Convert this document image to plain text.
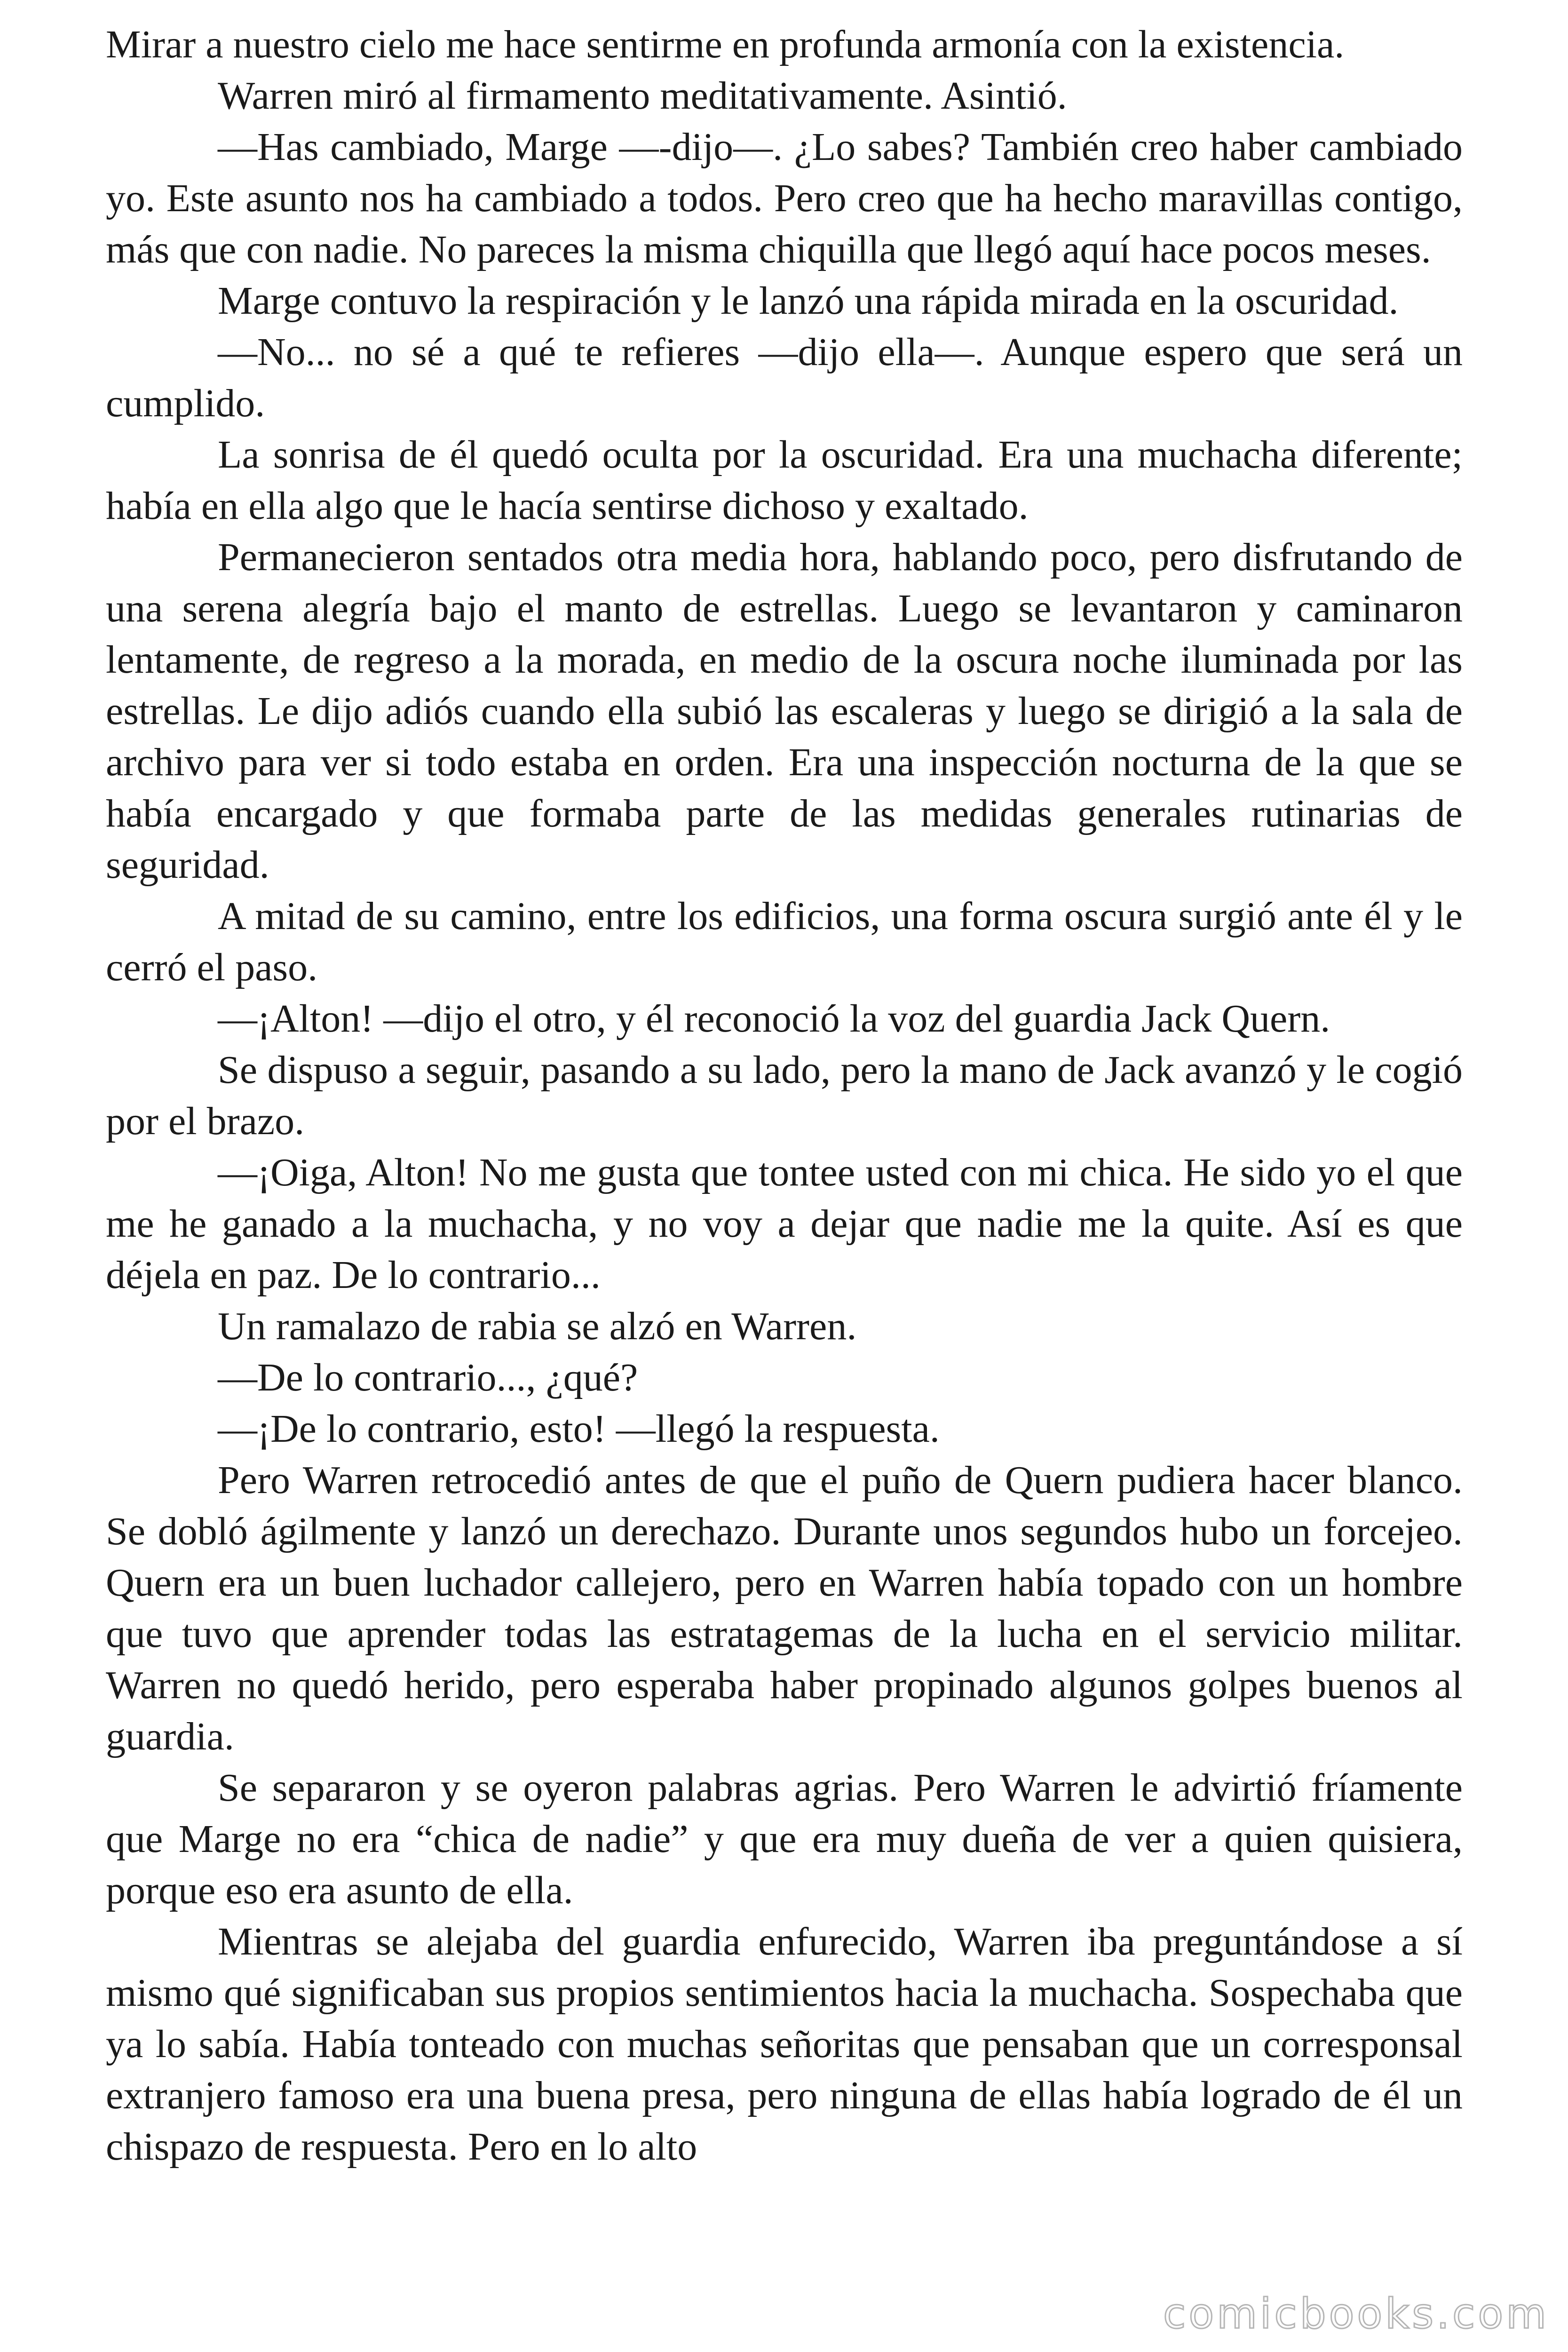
Mirar a nuestro cielo me hace sentirme en profunda armonía con la existencia.

Warren miró al firmamento meditativamente. Asintió.

—Has cambiado, Marge —-dijo—. ¿Lo sabes? También creo haber cambiado yo. Este asunto nos ha cambiado a todos. Pero creo que ha hecho maravillas contigo, más que con nadie. No pareces la misma chiquilla que llegó aquí hace pocos meses.

Marge contuvo la respiración y le lanzó una rápida mirada en la oscuridad.

—No... no sé a qué te refieres —dijo ella—. Aunque espero que será un cumplido.

La sonrisa de él quedó oculta por la oscuridad. Era una muchacha diferente; había en ella algo que le hacía sentirse dichoso y exaltado.

Permanecieron sentados otra media hora, hablando poco, pero disfrutando de una serena alegría bajo el manto de estrellas. Luego se levantaron y caminaron lentamente, de regreso a la morada, en medio de la oscura noche iluminada por las estrellas. Le dijo adiós cuando ella subió las escaleras y luego se dirigió a la sala de archivo para ver si todo estaba en orden. Era una inspección nocturna de la que se había encargado y que formaba parte de las medidas generales rutinarias de seguridad.

A mitad de su camino, entre los edificios, una forma oscura surgió ante él y le cerró el paso.

—¡Alton! —dijo el otro, y él reconoció la voz del guardia Jack Quern.

Se dispuso a seguir, pasando a su lado, pero la mano de Jack avanzó y le cogió por el brazo.

—¡Oiga, Alton! No me gusta que tontee usted con mi chica. He sido yo el que me he ganado a la muchacha, y no voy a dejar que nadie me la quite. Así es que déjela en paz. De lo contrario...

Un ramalazo de rabia se alzó en Warren.

—De lo contrario..., ¿qué?

—¡De lo contrario, esto! —llegó la respuesta.

Pero Warren retrocedió antes de que el puño de Quern pudiera hacer blanco. Se dobló ágilmente y lanzó un derechazo. Durante unos segundos hubo un forcejeo. Quern era un buen luchador callejero, pero en Warren había topado con un hombre que tuvo que aprender todas las estratagemas de la lucha en el servicio militar. Warren no quedó herido, pero esperaba haber propinado algunos golpes buenos al guardia.

Se separaron y se oyeron palabras agrias. Pero Warren le advirtió fríamente que Marge no era “chica de nadie” y que era muy dueña de ver a quien quisiera, porque eso era asunto de ella.

Mientras se alejaba del guardia enfurecido, Warren iba preguntándose a sí mismo qué significaban sus propios sentimientos hacia la muchacha. Sospechaba que ya lo sabía. Había tonteado con muchas señoritas que pensaban que un corresponsal extranjero famoso era una buena presa, pero ninguna de ellas había logrado de él un chispazo de respuesta. Pero en lo alto

comicbooks.com
